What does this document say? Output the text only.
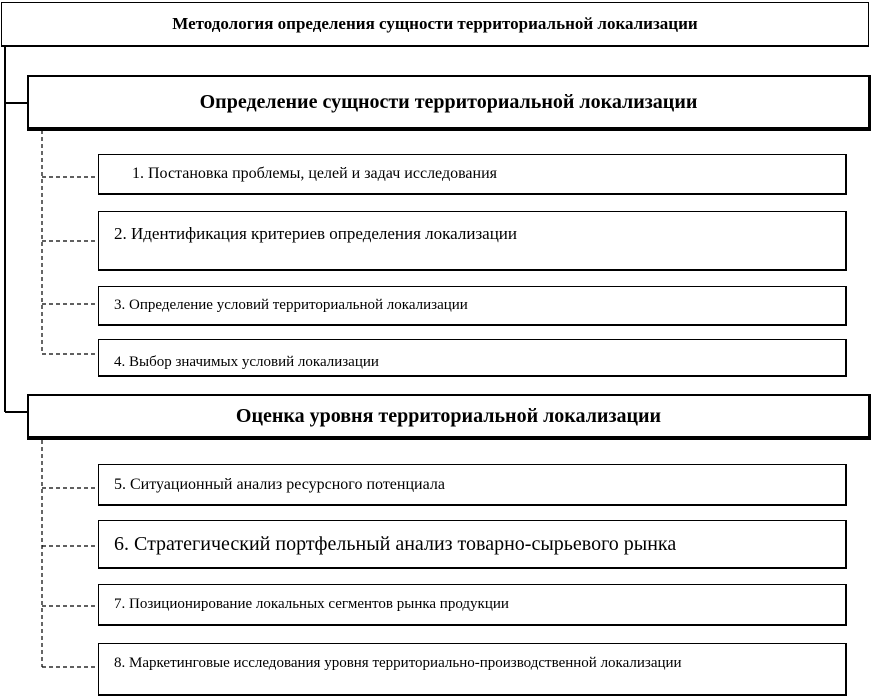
Методология определения сущности территориальной локализации
Определение сущности территориальной локализации
1. Постановка проблемы, целей и задач исследования
2. Идентификация критериев определения локализации
3. Определение условий территориальной локализации
4. Выбор значимых условий локализации
Оценка уровня территориальной локализации
5. Ситуационный анализ ресурсного потенциала
6. Стратегический портфельный анализ товарно-сырьевого рынка
7. Позиционирование локальных сегментов рынка продукции
8. Маркетинговые исследования уровня территориально-производственной локализации
